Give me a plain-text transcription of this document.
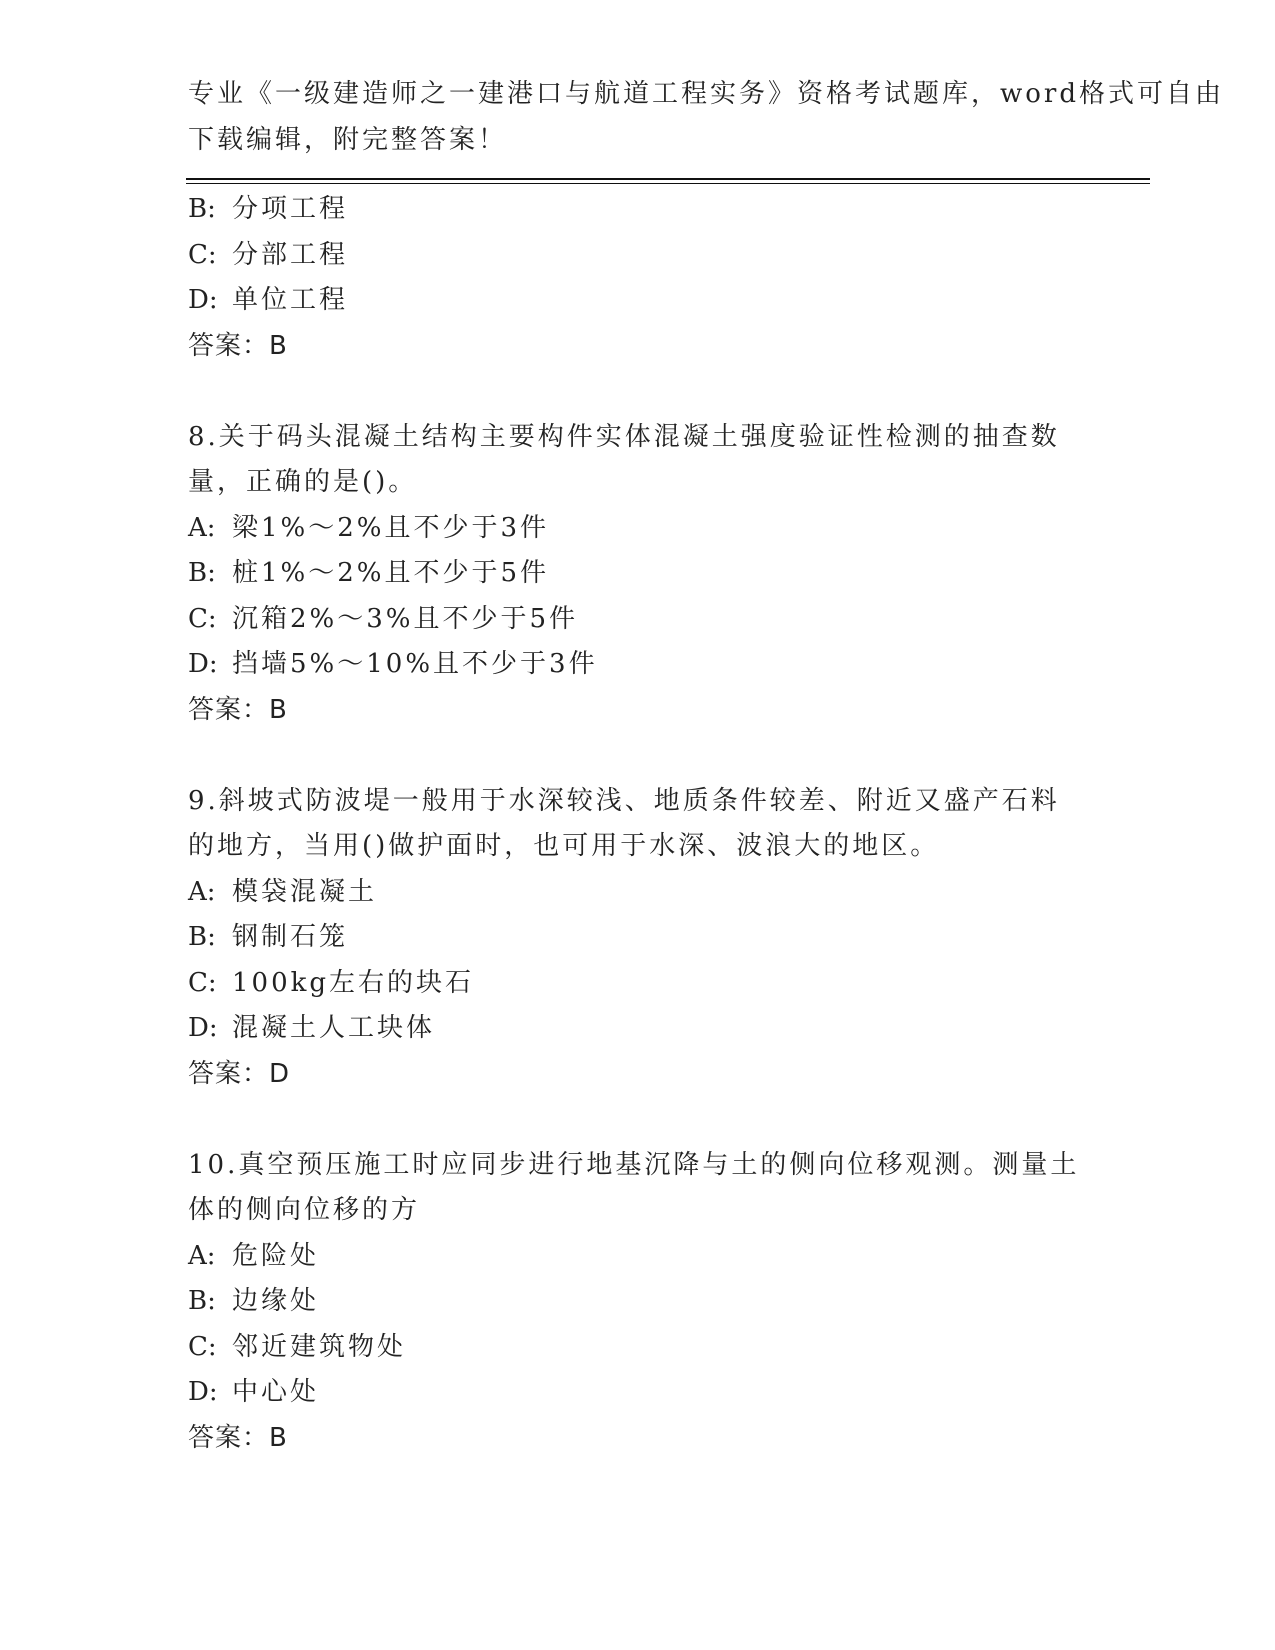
专业《一级建造师之一建港口与航道工程实务》资格考试题库，word格式可自由
下载编辑，附完整答案！
B: 分项工程
C: 分部工程
D: 单位工程
答案：B
8.关于码头混凝土结构主要构件实体混凝土强度验证性检测的抽查数
量，正确的是()。
A: 梁1%～2%且不少于3件
B: 桩1%～2%且不少于5件
C: 沉箱2%～3%且不少于5件
D: 挡墙5%～10%且不少于3件
答案：B
9.斜坡式防波堤一般用于水深较浅、地质条件较差、附近又盛产石料
的地方，当用()做护面时，也可用于水深、波浪大的地区。
A: 模袋混凝土
B: 钢制石笼
C: 100kg左右的块石
D: 混凝土人工块体
答案：D
10.真空预压施工时应同步进行地基沉降与土的侧向位移观测。测量土
体的侧向位移的方
A: 危险处
B: 边缘处
C: 邻近建筑物处
D: 中心处
答案：B
